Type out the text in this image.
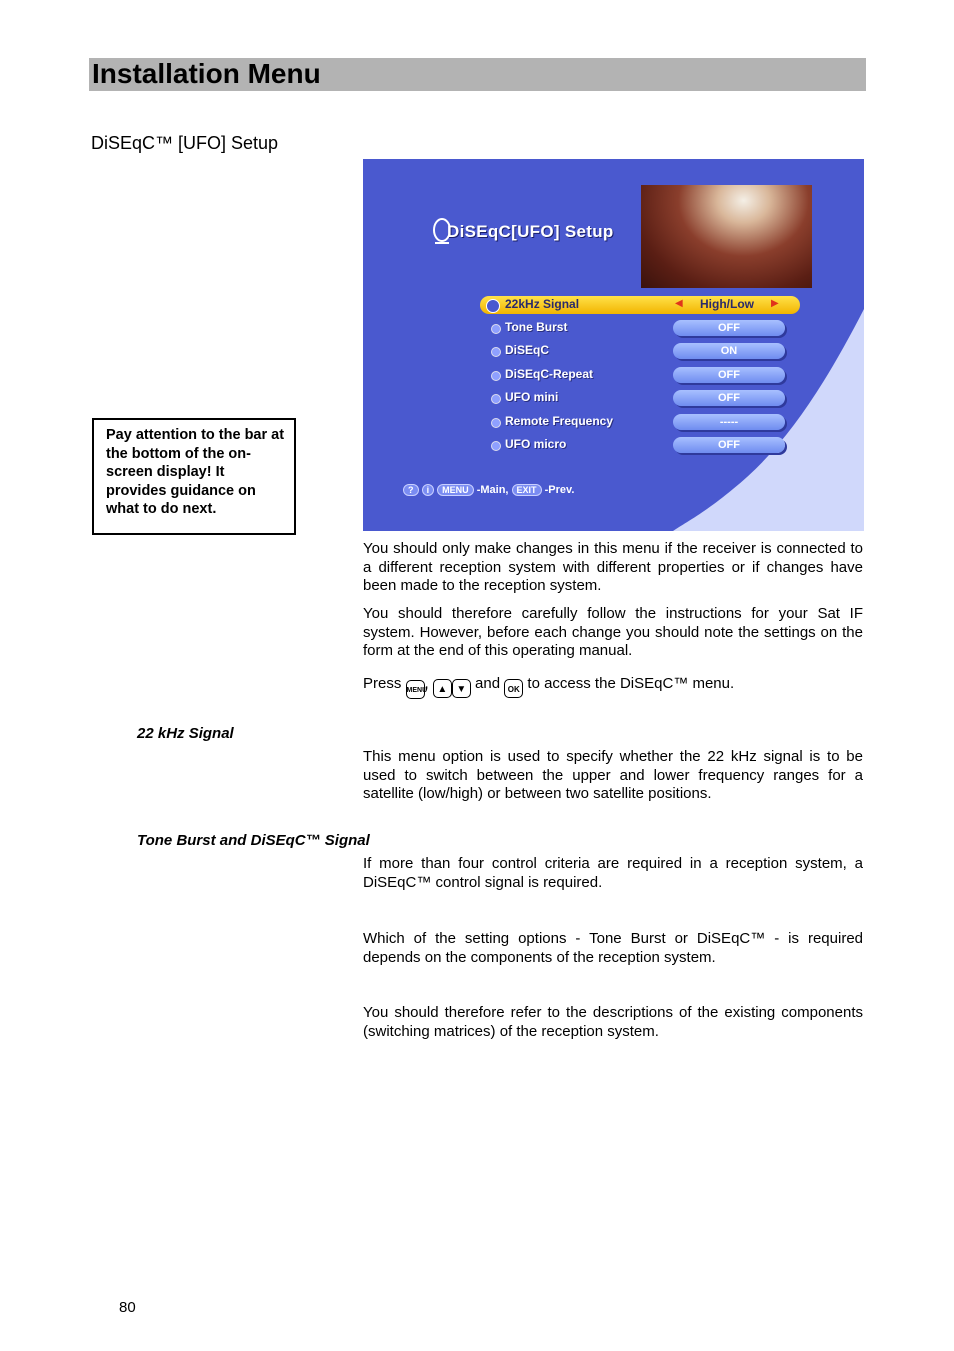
Installation Menu
DiSEqC™ [UFO] Setup
Pay attention to the bar at the bottom of the on-screen display! It provides guidance on what to do next.
DiSEqC[UFO] Setup
22kHz Signal	◀ High/Low ▶
Tone Burst	OFF
DiSEqC	ON
DiSEqC-Repeat	OFF
UFO mini	OFF
Remote Frequency	-----
UFO micro	OFF
? i MENU -Main, EXIT -Prev.
You should only make changes in this menu if the receiver is connected to a different reception system with different properties or if changes have been made to the reception system.
You should therefore carefully follow the instructions for your Sat IF system. However, before each change you should note the settings on the form at the end of this operating manual.
Press MENU, ▲ ▼ and OK to access the DiSEqC™ menu.
22 kHz Signal
This menu option is used to specify whether the 22 kHz signal is to be used to switch between the upper and lower frequency ranges for a satellite (low/high) or between two satellite positions.
Tone Burst and DiSEqC™ Signal
If more than four control criteria are required in a reception system, a DiSEqC™ control signal is required.
Which of the setting options - Tone Burst or DiSEqC™ - is required depends on the components of the reception system.
You should therefore refer to the descriptions of the existing components (switching matrices) of the reception system.
80
